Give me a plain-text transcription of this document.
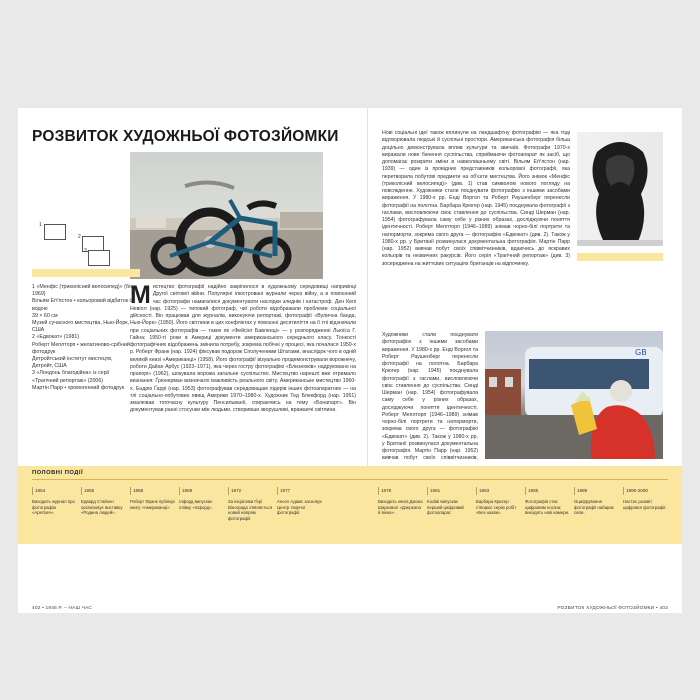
РОЗВИТОК ХУДОЖНЬОЇ ФОТОЗЙОМКИ
1
2
3
1 «Менфіс (триколісний велосипед)» (бл. 1969)
Вільям Еґґлстон • кольоровий відбиток із водою
39 × 60 см
Музей сучасного мистецтва, Нью-Йорк, США
2 «Едвокат» (1981)
Роберт Меплторп • желатиново-срібний фотодрук
Детройтський інститут мистецтв, Детройт, США
3 «Лондонь благодійна» із серії «Трагічний репортаж» (2006)
Мартін Парр • хромогенний фотодрук
М истецтво фотографії надійно закріпилося в художньому середовищі наприкінці Другої світової війни. Популярні ілюстровані журнали через війну, а в повоєнний час фотографи намагалися документувати наслідки злиднів і катастроф. Ден Келі Невілл (нар. 1925) — типовий фотограф, чиї роботи відображали проблеми соціальної дійсності. Він працював для журналів, виконуючи репортажі, фотографії «Вулична банда, Нью-Йорк» (1950). Його світлини в цих конфліктах у повоєнні десятиліття на її тлі відзначали при соціальних фотографів — таких як «Фейсінг Бавленці» — у розпорядженні Льюїса Г. Гайна; 1950-ті роки в Америці документи американського середнього класу. Тонкості фотографічних відображень змінила потребу, зокрема побічні у процесі, яка почалася 1950-х р. Роберт Франк (нар. 1924) фіксував подорож Сполученими Штатами, внаслідок чого в одній великій книзі «Американці» (1958). Його фотографії візуально продемонстрували ворожнечу, роботи Дайан Арбус (1923–1971), яка через гостру фотографію «Близнюків» надруковано на прапорі» (1962), шокувала ворожа загальне суспільство. Мистецтво нарешті вже отримало визнання: Ґрюнерман визначало важливість реального світу. Американське мистецтво 1960-х. Ендрю Ґаррі (нар. 1953) фотографував середовищам лідерів інших фотоапаратних — на тлі соціально-побутових явищ Америки 1970–1980-х. Художник Тед Блекфорд (нар. 1951) змалював тогочасну культуру Пенсильванії, спираючись на тему «Бонапарт». Він документував ранні стосунки між людьми, створивши зворушливі, вражаючі світлини.
Нові соціальні ідеї також вплинули на ландшафтну фотографію — яка тоді відтворювала людські й суспільні простори. Американська фотографія більш доцільно демонструвала вплив культури та звичаїв. Фотографи 1970-х виражали нове бачення суспільства, сприймаючи фотоапарат як засіб, що допомагає розкрити зміни в навколишньому світі. Вільям Еґґлстон (нар. 1939) — один із провідних представників кольорової фотографії, яка перетворила побутові предмети на об'єкти мистецтва. Його знімок «Менфіс (триколісний велосипед)» (див. 1) став символом нового погляду на повсякденне. Художники стали поєднувати фотографію з іншими засобами вираження. У 1980-х рр. Енді Воргол та Роберт Раушенберг перенесли фотографії на полотна. Барбара Крюгер (нар. 1945) поєднувала фотографії з гаслами, висловлюючи своє ставлення до суспільства. Синді Шерман (нар. 1954) фотографувала саму себе у різних образах, досліджуючи поняття ідентичності. Роберт Меплторп (1946–1989) знімав чорно-білі портрети та натюрморти, зокрема свого друга — фотографію «Едвокат» (див. 2). Також у 1980-х рр. у Британії розвинулася документальна фотографія. Мартін Парр (нар. 1952) вивчав побут своїх співвітчизників, вдаючись до яскравих кольорів та незвичних ракурсів. Його серія «Трагічний репортаж» (див. 3) зосереджена на життєвих ситуаціях британців на відпочинку.
Художники стали поєднувати фотографію з іншими засобами вираження. У 1980-х рр. Енді Воргол та Роберт Раушенберг перенесли фотографії на полотна. Барбара Крюгер (нар. 1945) поєднувала фотографії з гаслами, висловлюючи своє ставлення до суспільства. Синді Шерман (нар. 1954) фотографувала саму себе у різних образах, досліджуючи поняття ідентичності. Роберт Меплторп (1946–1989) знімав чорно-білі портрети та натюрморти, зокрема свого друга — фотографію «Едвокат» (див. 2). Також у 1980-х рр. у Британії розвинулася документальна фотографія. Мартін Парр (нар. 1952) вивчав побут своїх співвітчизників,
GB
ПОЛОВНІ ПОДІЇ
1954
Виходить журнал про фотографію «Aperture».
1955
Едвард Стайхен організовує виставку «Родина людей».
1958
Роберт Франк публікує книгу «Американці».
1959
Ілфорд випускає плівку «Ілфорд».
1972
За ініціативи Ґері Вінограда з'являється новий напрям фотографії.
1977
Ансел Адамс засновує Центр творчої фотографії.
1978
Виходить книга Джона Шарковскі «Дзеркала й вікна».
1981
Kodak випускає перший цифровий фотоапарат.
1983
Барбара Крюгер створює серію робіт «Без назви».
1985
Фотографія стає цифровим носієм; виходять нові камери.
1989
Оцифрування фотографії набирає сили.
1990-2000
Настає розквіт цифрової фотографії.
402 • 1946 Р. – НАШ ЧАС	РОЗВИТОК ХУДОЖНЬОЇ ФОТОЗЙОМКИ • 403
